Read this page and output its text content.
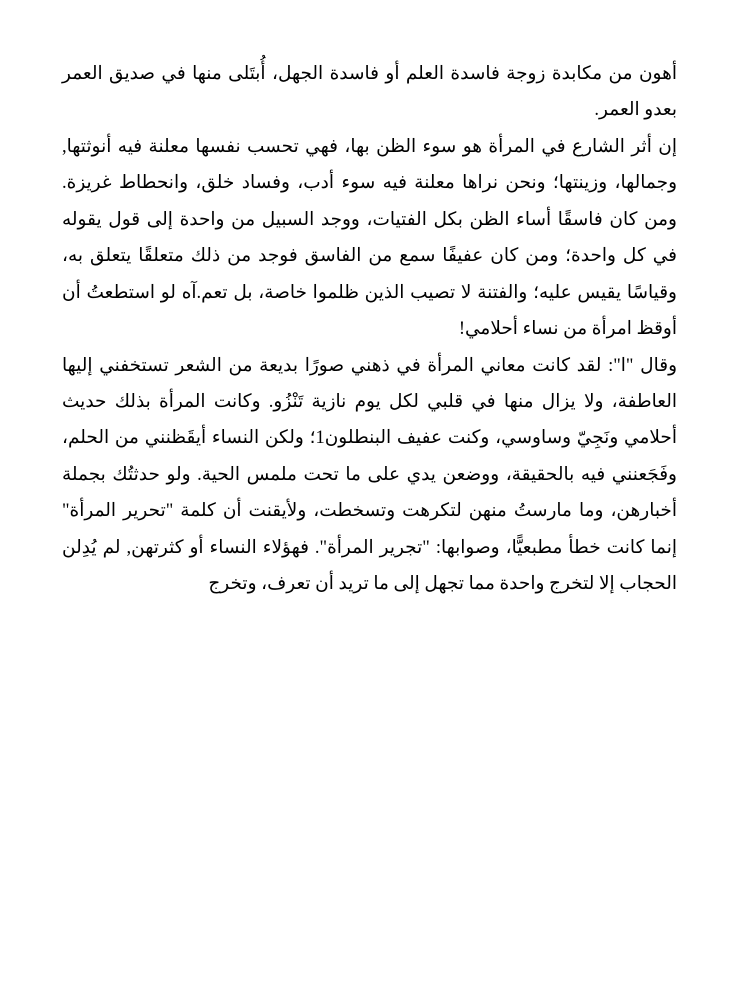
أهون من مكابدة زوجة فاسدة العلم أو فاسدة الجهل، أُبتَلى منها في صديق العمر بعدو العمر.

إن أثر الشارع في المرأة هو سوء الظن بها، فهي تحسب نفسها معلنة فيه أنوثتها, وجمالها، وزينتها؛ ونحن نراها معلنة فيه سوء أدب، وفساد خلق، وانحطاط غريزة. ومن كان فاسقًا أساء الظن بكل الفتيات، ووجد السبيل من واحدة إلى قول يقوله في كل واحدة؛ ومن كان عفيفًا سمع من الفاسق فوجد من ذلك متعلقًا يتعلق به، وقياسًا يقيس عليه؛ والفتنة لا تصيب الذين ظلموا خاصة، بل تعم.آه لو استطعتُ أن أوقظ امرأة من نساء أحلامي!

وقال "ا": لقد كانت معاني المرأة في ذهني صورًا بديعة من الشعر تستخفني إليها العاطفة، ولا يزال منها في قلبي لكل يوم نازية تَنْزُو. وكانت المرأة بذلك حديث أحلامي ونَجِيّ وساوسي، وكنت عفيف البنطلون1؛ ولكن النساء أيقَظنني من الحلم، وفَجَعنني فيه بالحقيقة، ووضعن يدي على ما تحت ملمس الحية. ولو حدثتُك بجملة أخبارهن، وما مارستُ منهن لتكرهت وتسخطت، ولأيقنت أن كلمة "تحرير المرأة" إنما كانت خطأ مطبعيًّا، وصوابها: "تجرير المرأة". فهؤلاء النساء أو كثرتهن, لم يُدِلن الحجاب إلا لتخرج واحدة مما تجهل إلى ما تريد أن تعرف، وتخرج
